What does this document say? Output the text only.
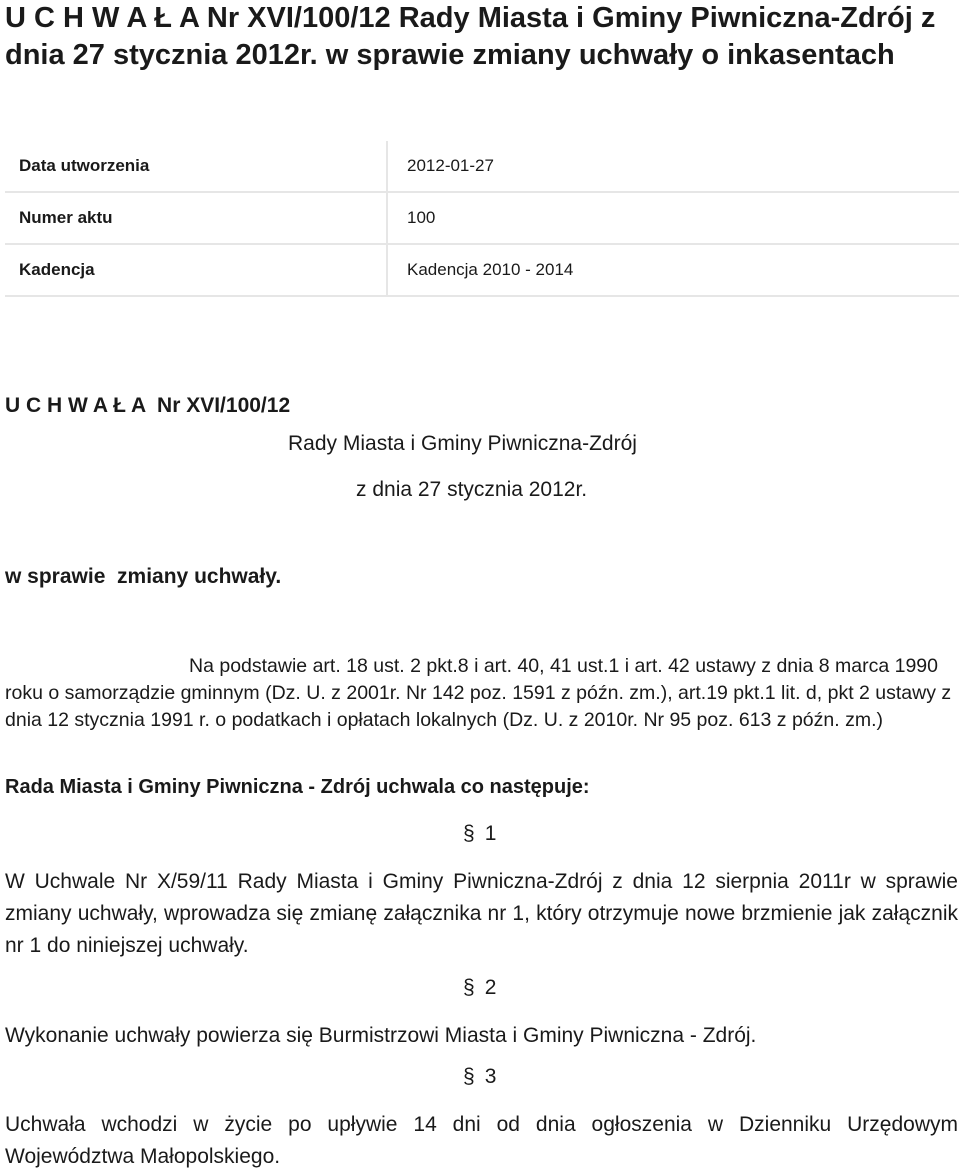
U C H W A Ł A Nr XVI/100/12 Rady Miasta i Gminy Piwniczna-Zdrój z dnia 27 stycznia 2012r. w sprawie zmiany uchwały o inkasentach
Data utworzenia	2012-01-27
Numer aktu	100
Kadencja	Kadencja 2010 - 2014
U C H W A Ł A  Nr XVI/100/12
Rady Miasta i Gminy Piwniczna-Zdrój
z dnia 27 stycznia 2012r.
w sprawie  zmiany uchwały.

Na podstawie art. 18 ust. 2 pkt.8 i art. 40, 41 ust.1 i art. 42 ustawy z dnia 8 marca 1990 roku o samorządzie gminnym (Dz. U. z 2001r. Nr 142 poz. 1591 z późn. zm.), art.19 pkt.1 lit. d, pkt 2 ustawy z dnia 12 stycznia 1991 r. o podatkach i opłatach lokalnych (Dz. U. z 2010r. Nr 95 poz. 613 z późn. zm.)

Rada Miasta i Gminy Piwniczna - Zdrój uchwala co następuje:
§ 1

W Uchwale Nr X/59/11 Rady Miasta i Gminy Piwniczna-Zdrój z dnia 12 sierpnia 2011r w sprawie zmiany uchwały, wprowadza się zmianę załącznika nr 1, który otrzymuje nowe brzmienie jak załącznik nr 1 do niniejszej uchwały.

§ 2

Wykonanie uchwały powierza się Burmistrzowi Miasta i Gminy Piwniczna - Zdrój.

§ 3

Uchwała wchodzi w życie po upływie 14 dni od dnia ogłoszenia w Dzienniku Urzędowym Województwa Małopolskiego.
